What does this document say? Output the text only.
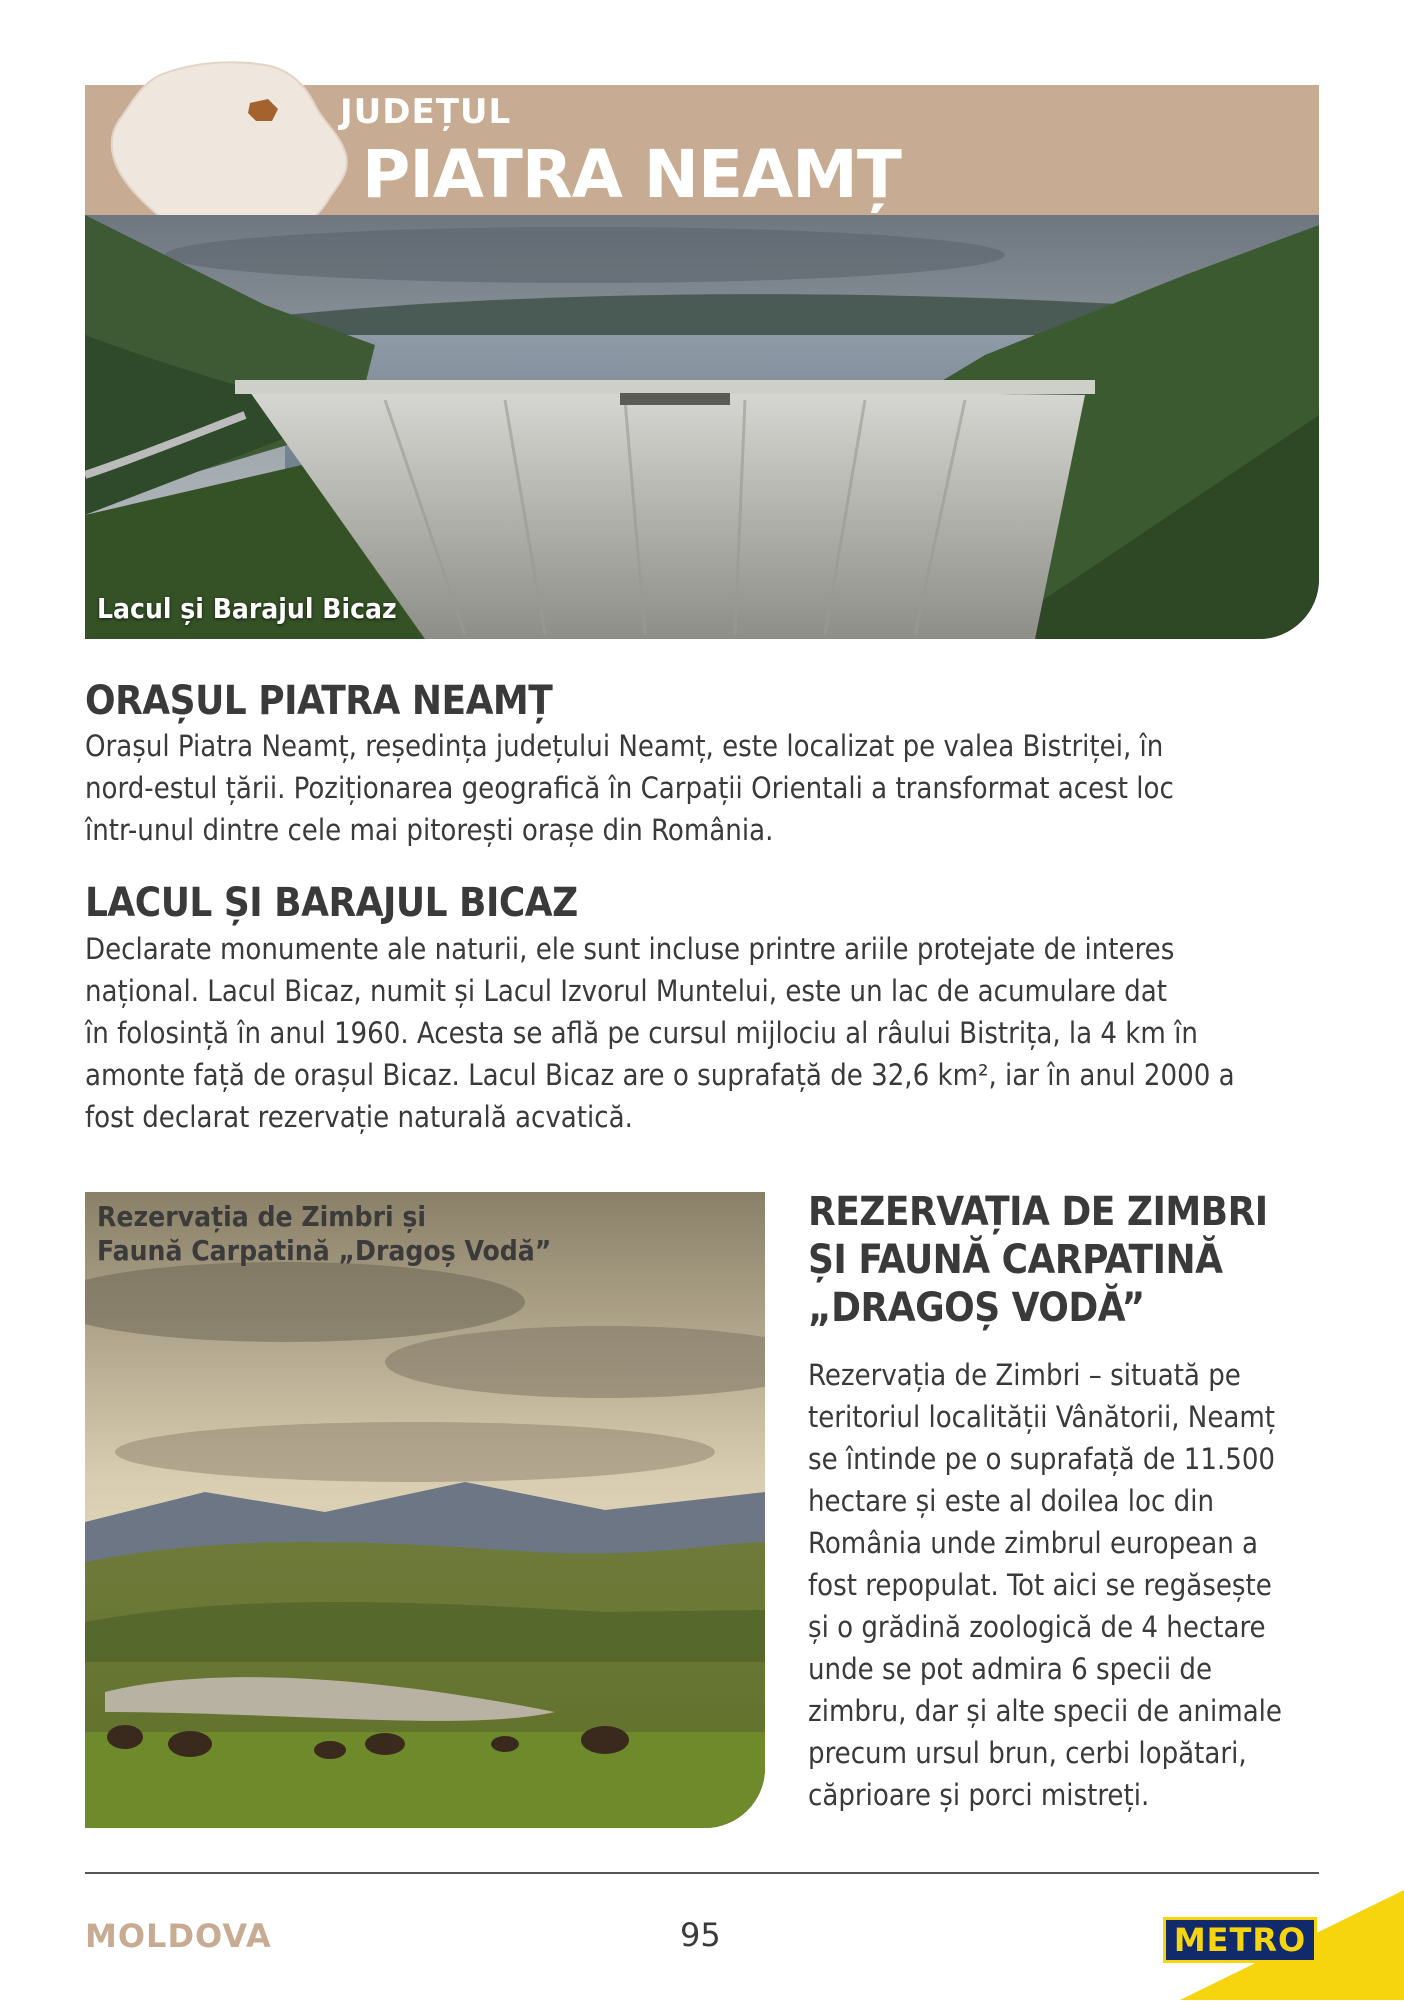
JUDEȚUL
PIATRA NEAMȚ
Lacul și Barajul Bicaz
ORAȘUL PIATRA NEAMȚ

Orașul Piatra Neamț, reședința județului Neamț, este localizat pe valea Bistriței, în
nord-estul țării. Poziționarea geografică în Carpații Orientali a transformat acest loc
într-unul dintre cele mai pitorești orașe din România.

LACUL ȘI BARAJUL BICAZ

Declarate monumente ale naturii, ele sunt incluse printre ariile protejate de interes
național. Lacul Bicaz, numit și Lacul Izvorul Muntelui, este un lac de acumulare dat
în folosință în anul 1960. Acesta se află pe cursul mijlociu al râului Bistrița, la 4 km în
amonte față de orașul Bicaz. Lacul Bicaz are o suprafață de 32,6 km², iar în anul 2000 a
fost declarat rezervație naturală acvatică.

Rezervația de Zimbri și
Faună Carpatină „Dragoș Vodă”
REZERVAȚIA DE ZIMBRI
ȘI FAUNĂ CARPATINĂ
„DRAGOȘ VODĂ”

Rezervația de Zimbri – situată pe
teritoriul localității Vânătorii, Neamț
se întinde pe o suprafață de 11.500
hectare și este al doilea loc din
România unde zimbrul european a
fost repopulat. Tot aici se regăsește
și o grădină zoologică de 4 hectare
unde se pot admira 6 specii de
zimbru, dar și alte specii de animale
precum ursul brun, cerbi lopătari,
căprioare și porci mistreți.

MOLDOVA	95	METRO
